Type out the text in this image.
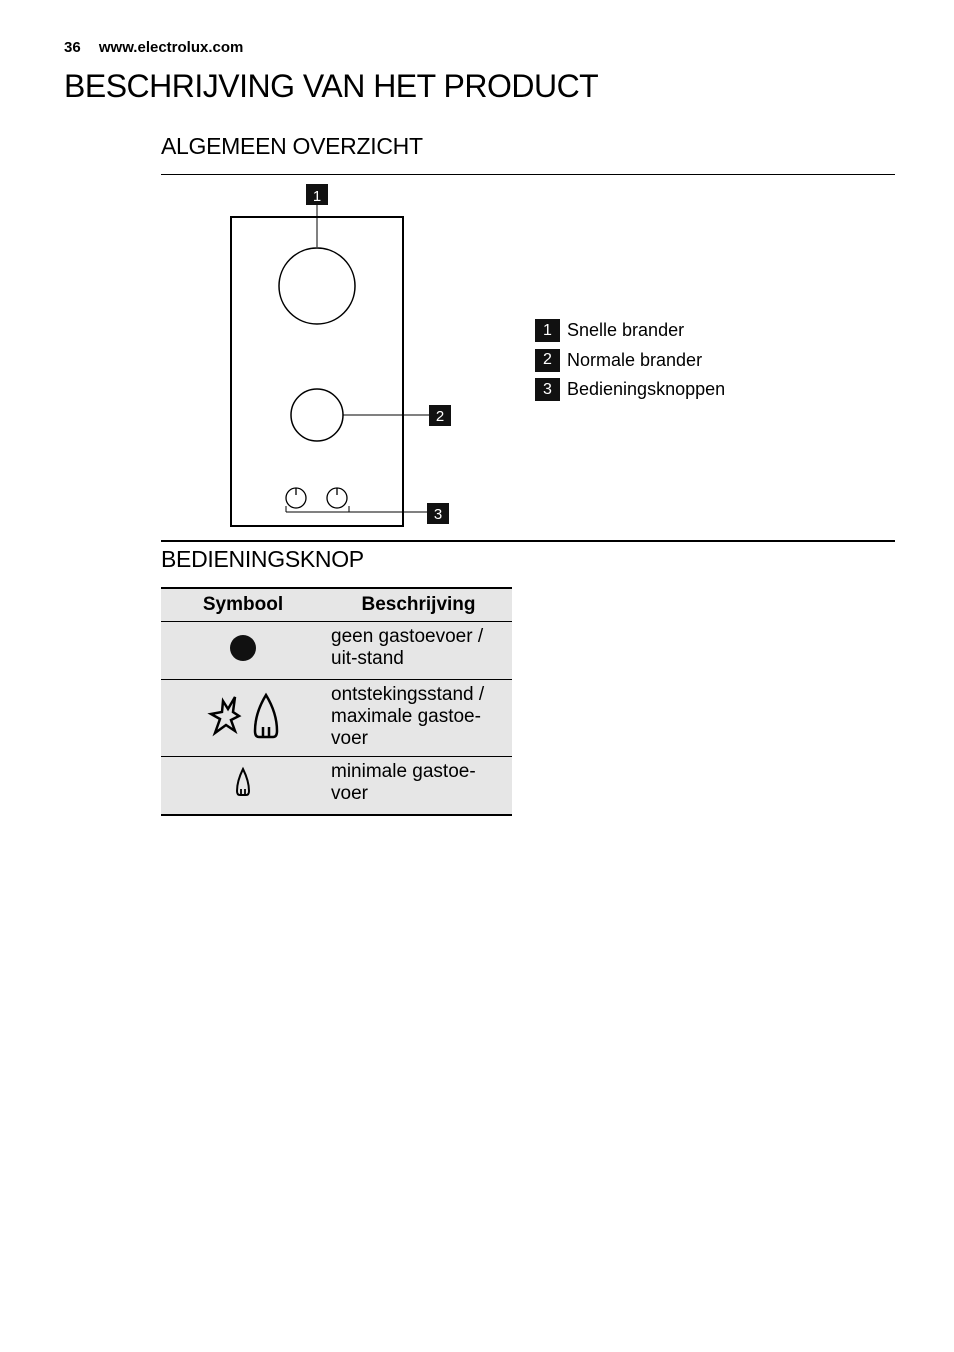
36 www.electrolux.com
BESCHRIJVING VAN HET PRODUCT
ALGEMEEN OVERZICHT
1
2
3
1 Snelle brander
2 Normale brander
3 Bedieningsknoppen
BEDIENINGSKNOP
Symbool	Beschrijving
	geen gastoevoer / uit-stand
	ontstekingsstand / maximale gastoe-voer
	minimale gastoe-voer
